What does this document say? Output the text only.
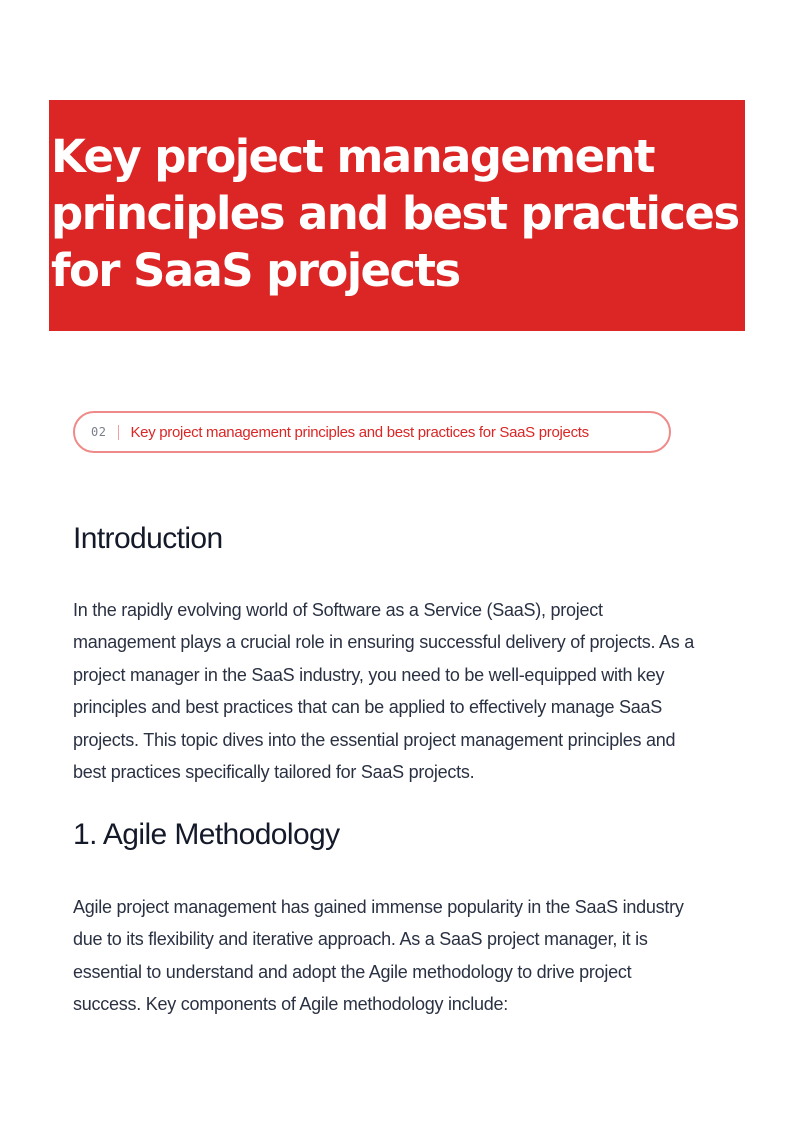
Key project management
principles and best practices
for SaaS projects
02 Key project management principles and best practices for SaaS projects
Introduction

In the rapidly evolving world of Software as a Service (SaaS), project
management plays a crucial role in ensuring successful delivery of projects. As a
project manager in the SaaS industry, you need to be well-equipped with key
principles and best practices that can be applied to effectively manage SaaS
projects. This topic dives into the essential project management principles and
best practices specifically tailored for SaaS projects.

1. Agile Methodology

Agile project management has gained immense popularity in the SaaS industry
due to its flexibility and iterative approach. As a SaaS project manager, it is
essential to understand and adopt the Agile methodology to drive project
success. Key components of Agile methodology include:
